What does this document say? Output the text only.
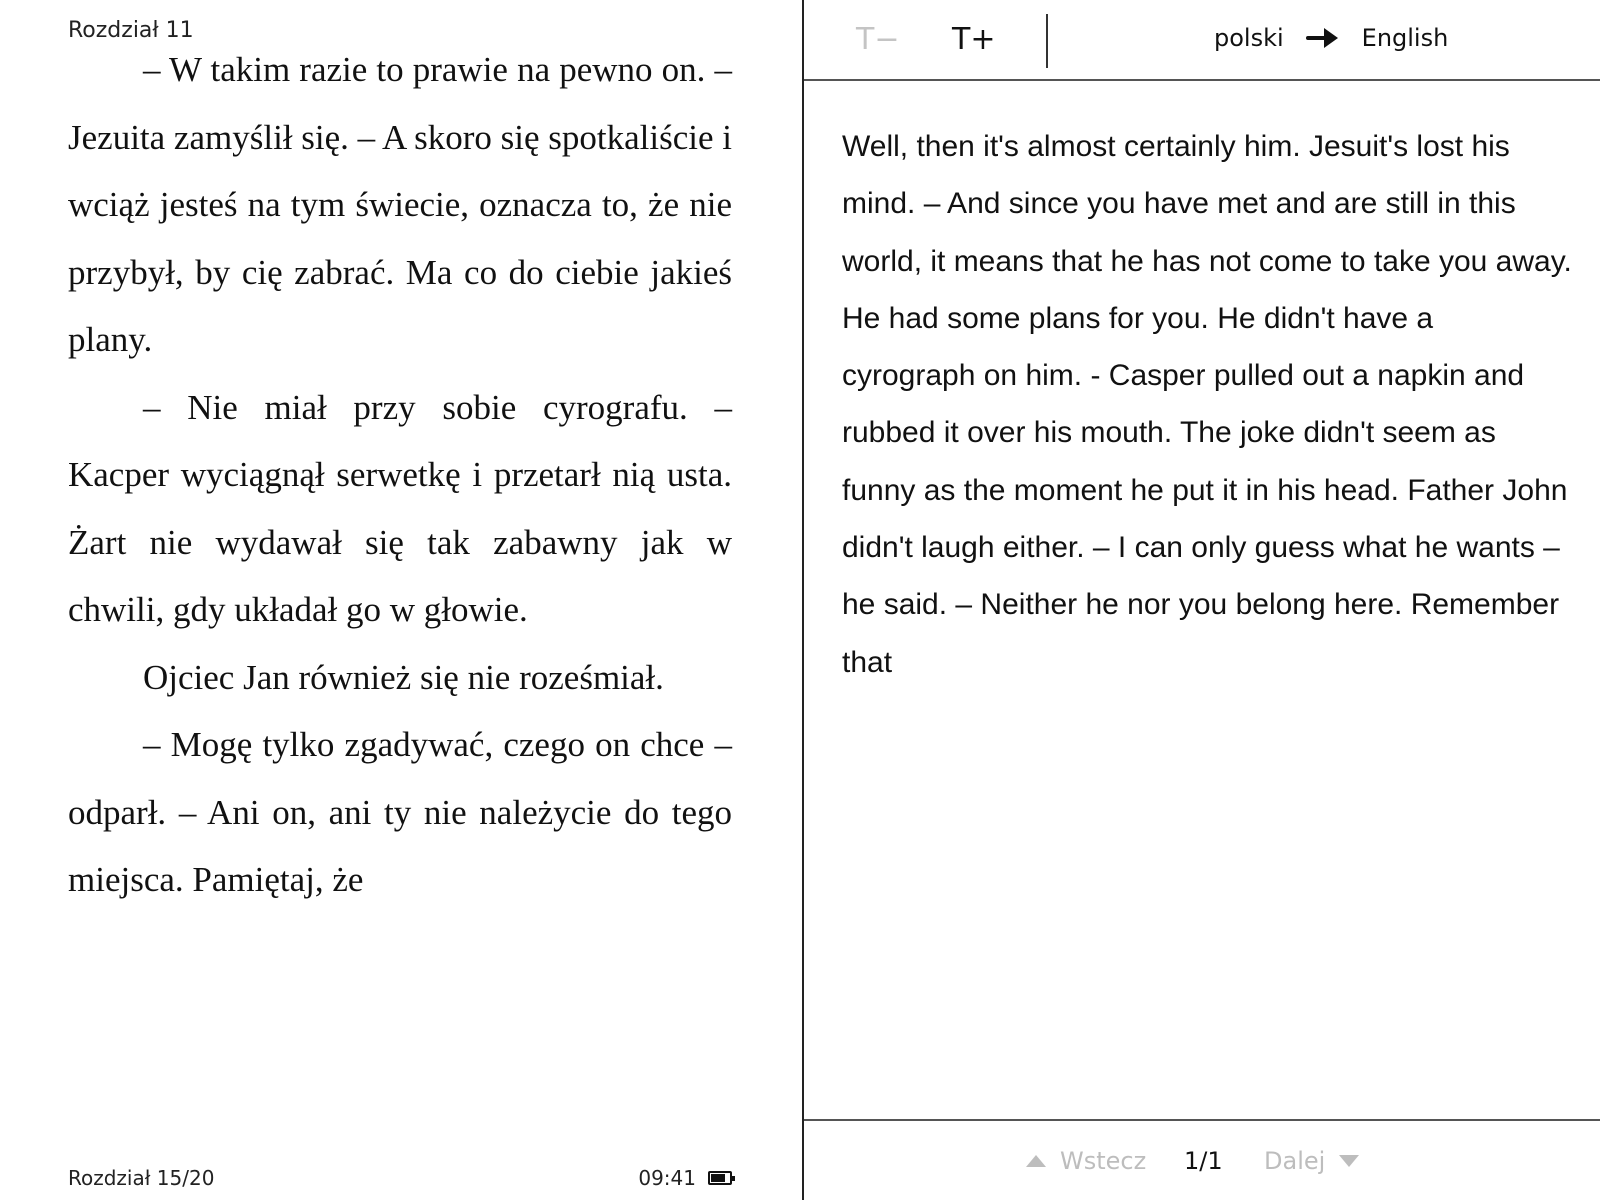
Rozdział 11

– W takim razie to prawie na pewno on. – Jezuita zamyślił się. – A skoro się spotkaliście i wciąż jesteś na tym świecie, oznacza to, że nie przybył, by cię zabrać. Ma co do ciebie jakieś plany.

– Nie miał przy sobie cyrografu. – Kacper wyciągnął serwetkę i przetarł nią usta. Żart nie wydawał się tak zabawny jak w chwili, gdy układał go w głowie.

Ojciec Jan również się nie roześmiał.

– Mogę tylko zgadywać, czego on chce – odparł. – Ani on, ani ty nie należycie do tego miejsca. Pamiętaj, że

Rozdział 15/20	09:41
T− T+	polski	English

Well, then it's almost certainly him. Jesuit's lost his mind. – And since you have met and are still in this world, it means that he has not come to take you away. He had some plans for you. He didn't have a cyrograph on him. - Casper pulled out a napkin and rubbed it over his mouth. The joke didn't seem as funny as the moment he put it in his head. Father John didn't laugh either. – I can only guess what he wants – he said. – Neither he nor you belong here. Remember that

Wstecz 1/1 Dalej
